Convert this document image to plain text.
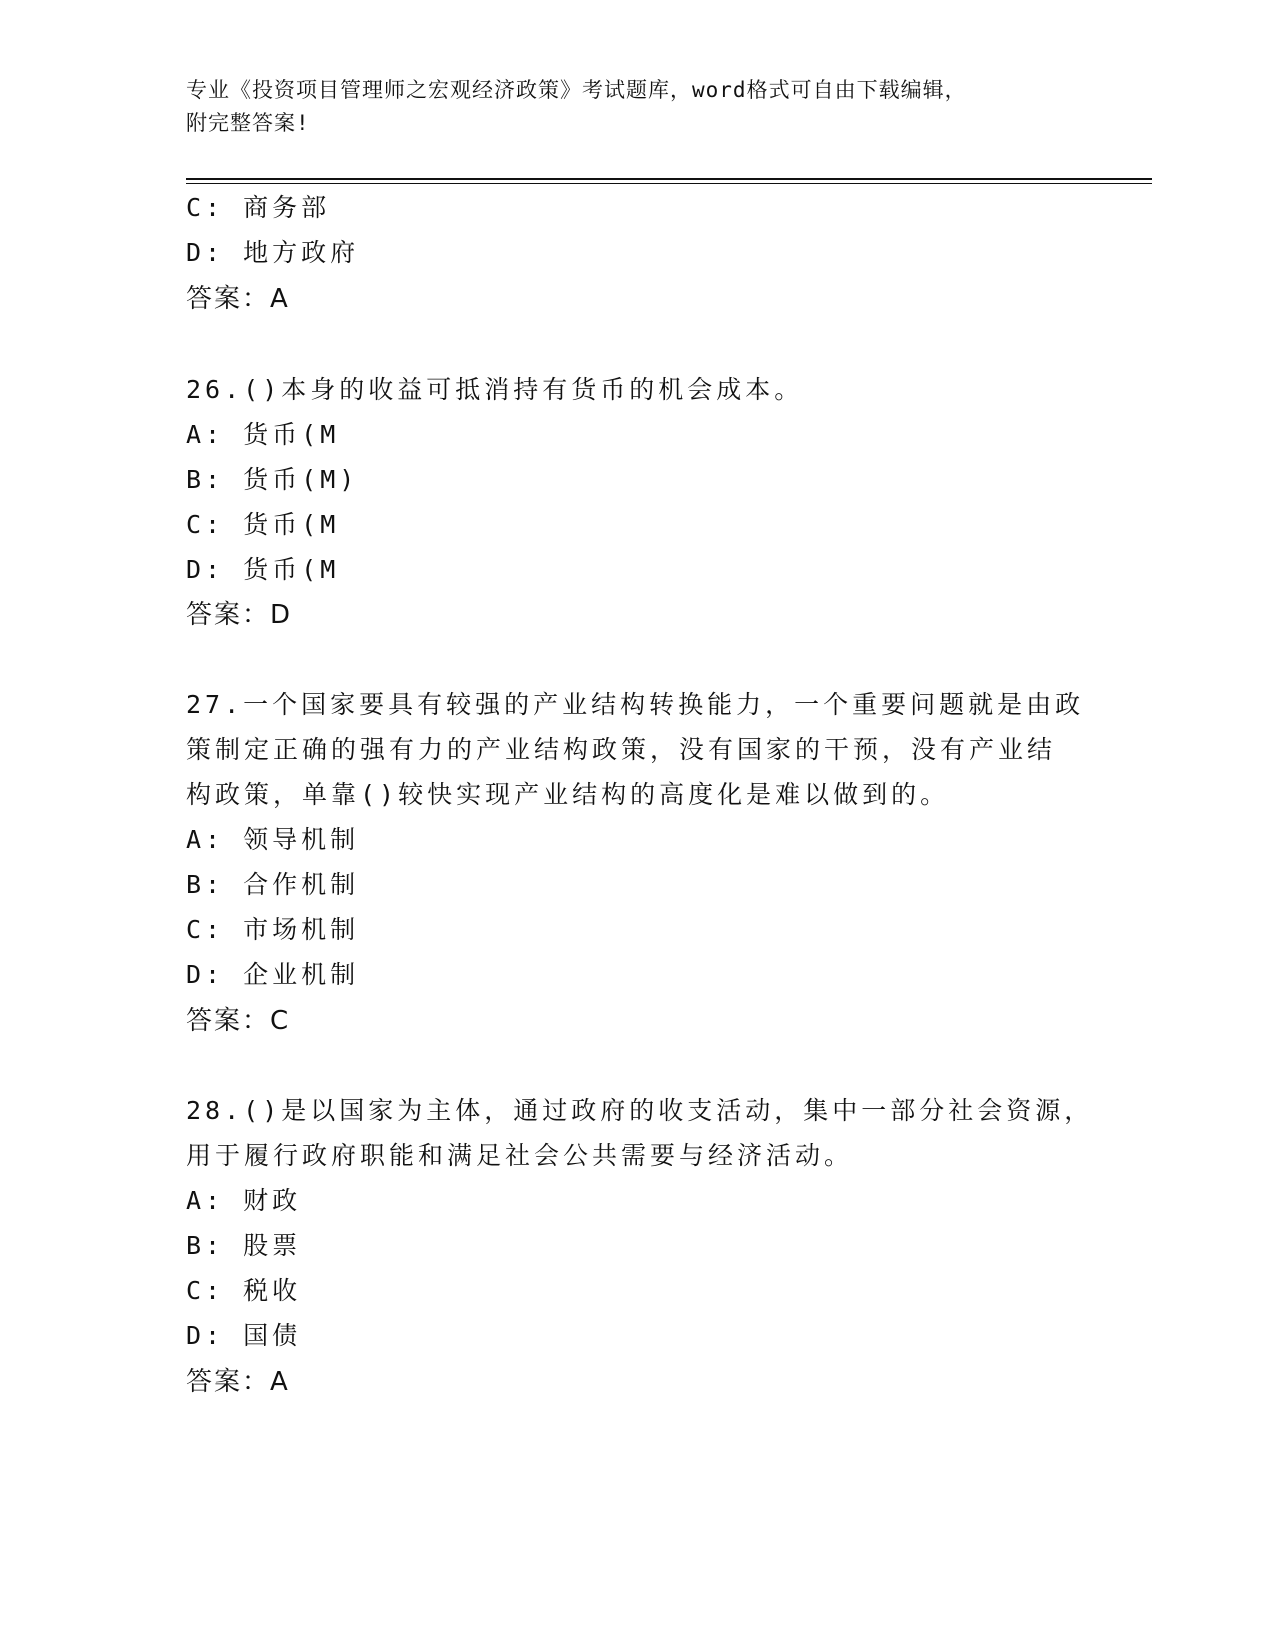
专业《投资项目管理师之宏观经济政策》考试题库，word格式可自由下载编辑，
附完整答案!
C: 商务部
D: 地方政府
答案：A
26.()本身的收益可抵消持有货币的机会成本。
A: 货币(M
B: 货币(M)
C: 货币(M
D: 货币(M
答案：D
27.一个国家要具有较强的产业结构转换能力，一个重要问题就是由政
策制定正确的强有力的产业结构政策，没有国家的干预，没有产业结
构政策，单靠()较快实现产业结构的高度化是难以做到的。
A: 领导机制
B: 合作机制
C: 市场机制
D: 企业机制
答案：C
28.()是以国家为主体，通过政府的收支活动，集中一部分社会资源，
用于履行政府职能和满足社会公共需要与经济活动。
A: 财政
B: 股票
C: 税收
D: 国债
答案：A
